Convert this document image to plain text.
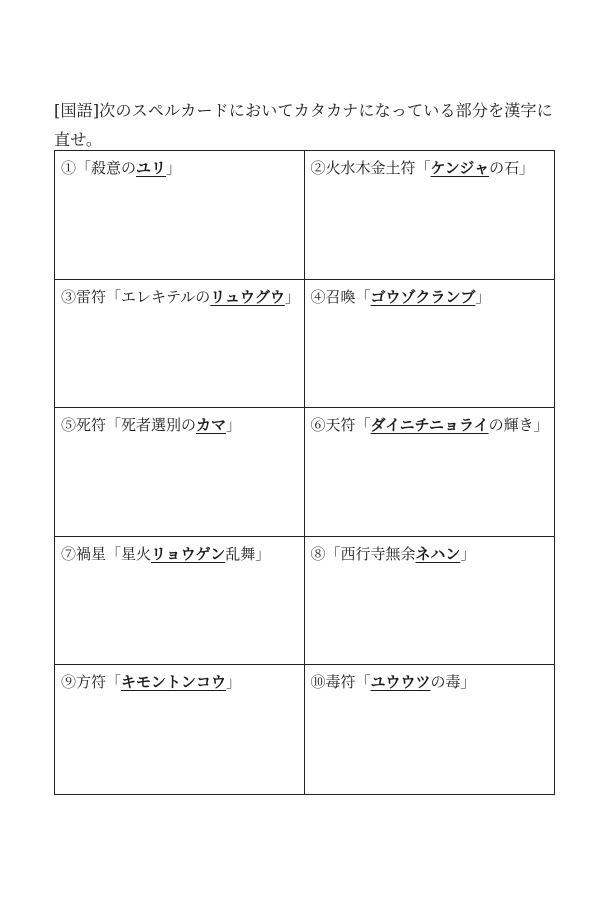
[国語]次のスペルカードにおいてカタカナになっている部分を漢字に直せ。

①「殺意のユリ」	②火水木金土符「ケンジャの石」
③雷符「エレキテルのリュウグウ」 ④召喚「ゴウゾクランブ」
⑤死符「死者選別のカマ」	⑥天符「ダイニチニョライの輝き」
⑦禍星「星火リョウゲン乱舞」	⑧「西行寺無余ネハン」
⑨方符「キモントンコウ」	⑩毒符「ユウウツの毒」
